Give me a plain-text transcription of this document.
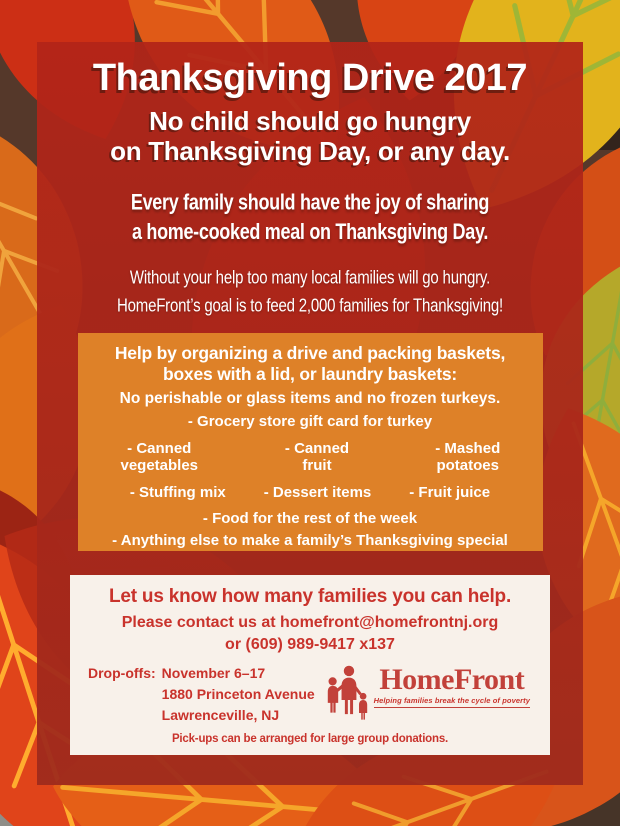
Thanksgiving Drive 2017
No child should go hungry
on Thanksgiving Day, or any day.
Every family should have the joy of sharing
a home-cooked meal on Thanksgiving Day.
Without your help too many local families will go hungry.
HomeFront’s goal is to feed 2,000 families for Thanksgiving!
Help by organizing a drive and packing baskets,
boxes with a lid, or laundry baskets:
No perishable or glass items and no frozen turkeys.
- Grocery store gift card for turkey
- Canned vegetables
- Canned fruit
- Mashed potatoes
- Stuffing mix	- Dessert items	- Fruit juice
- Food for the rest of the week
- Anything else to make a family’s Thanksgiving special
Let us know how many families you can help.
Please contact us at homefront@homefrontnj.org
or (609) 989-9417 x137
Drop-offs: November 6–17
1880 Princeton Avenue
Lawrenceville, NJ
HomeFront
Helping families break the cycle of poverty
Pick-ups can be arranged for large group donations.
